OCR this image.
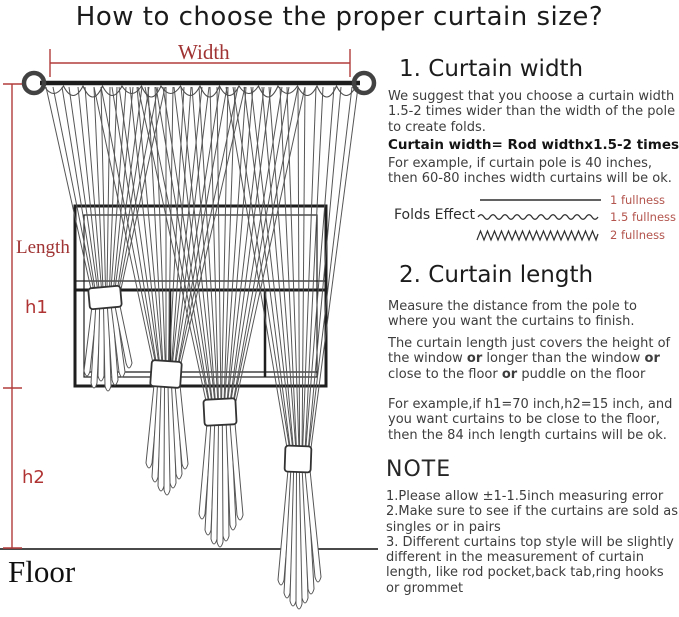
How to choose the proper curtain size?
Width
Length
h1
h2
Floor
1. Curtain width
We suggest that you choose a curtain width 1.5-2 times wider than the width of the pole to create folds.
Curtain width= Rod widthx1.5-2 times
For example, if curtain pole is 40 inches, then 60-80 inches width curtains will be ok.
Folds Effect
1 fullness
1.5 fullness
2 fullness
2. Curtain length
Measure the distance from the pole to where you want the curtains to finish.
The curtain length just covers the height of the window or longer than the window or close to the floor or puddle on the floor
For example,if h1=70 inch,h2=15 inch, and you want curtains to be close to the floor, then the 84 inch length curtains will be ok.
NOTE
1.Please allow ±1-1.5inch measuring error
2.Make sure to see if the curtains are sold as singles or in pairs
3. Different curtains top style will be slightly different in the measurement of curtain length, like rod pocket,back tab,ring hooks or grommet
